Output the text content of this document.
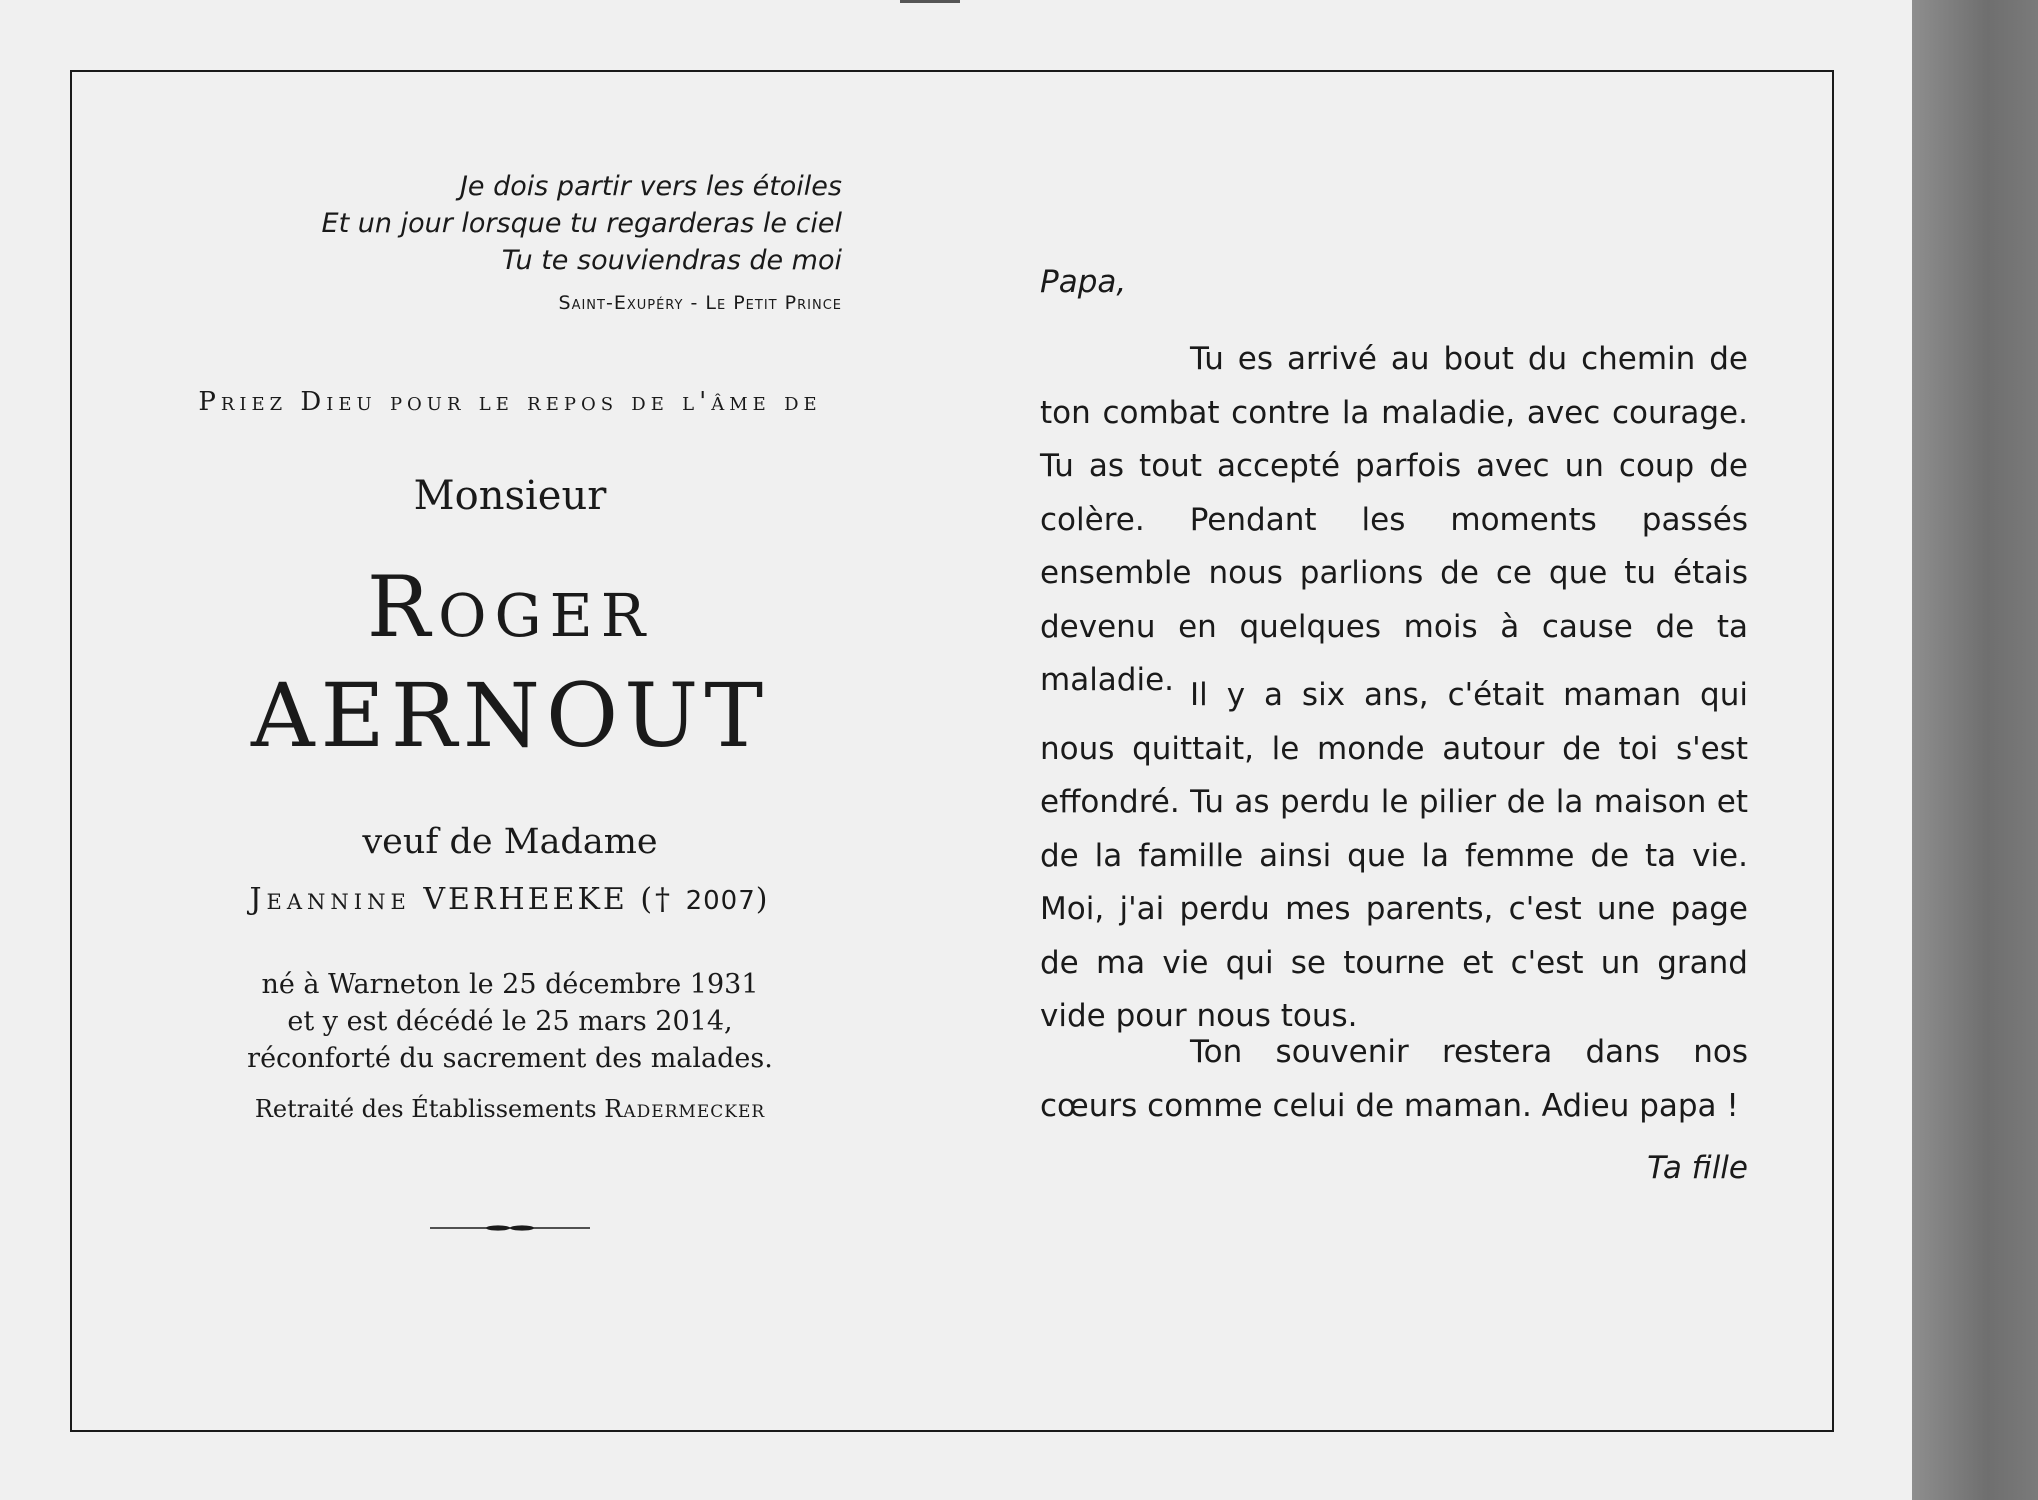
Je dois partir vers les étoiles
Et un jour lorsque tu regarderas le ciel
Tu te souviendras de moi
Saint-Exupéry - Le Petit Prince
Priez Dieu pour le repos de l'âme de
Monsieur
Roger
AERNOUT
veuf de Madame
Jeannine VERHEEKE († 2007)
né à Warneton le 25 décembre 1931
et y est décédé le 25 mars 2014,
réconforté du sacrement des malades.
Retraité des Établissements Radermecker
Papa,
Tu es arrivé au bout du chemin de ton combat contre la maladie, avec courage. Tu as tout accepté parfois avec un coup de colère. Pendant les moments passés ensemble nous parlions de ce que tu étais devenu en quelques mois à cause de ta maladie. Il y a six ans, c'était maman qui nous quittait, le monde autour de toi s'est effondré. Tu as perdu le pilier de la maison et de la famille ainsi que la femme de ta vie. Moi, j'ai perdu mes parents, c'est une page de ma vie qui se tourne et c'est un grand vide pour nous tous.
Ton souvenir restera dans nos cœurs comme celui de maman. Adieu papa !
Ta fille
